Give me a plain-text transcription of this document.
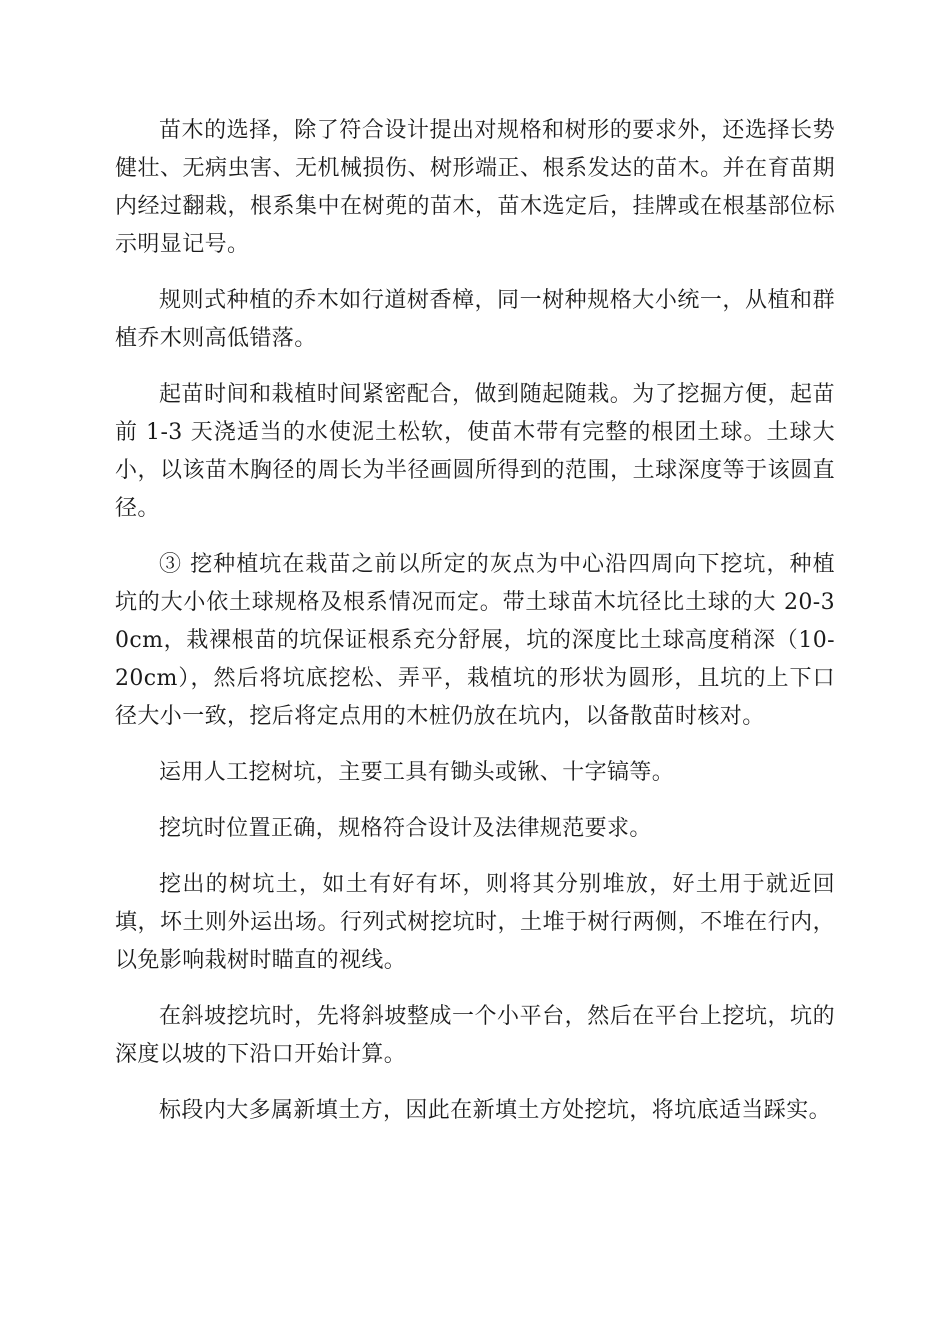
苗木的选择，除了符合设计提出对规格和树形的要求外，还选择长势健壮、无病虫害、无机械损伤、树形端正、根系发达的苗木。并在育苗期内经过翻栽，根系集中在树蔸的苗木，苗木选定后，挂牌或在根基部位标示明显记号。

规则式种植的乔木如行道树香樟，同一树种规格大小统一，从植和群植乔木则高低错落。

起苗时间和栽植时间紧密配合，做到随起随栽。为了挖掘方便，起苗前 1-3 天浇适当的水使泥土松软，使苗木带有完整的根团土球。土球大小，以该苗木胸径的周长为半径画圆所得到的范围，土球深度等于该圆直径。

③ 挖种植坑在栽苗之前以所定的灰点为中心沿四周向下挖坑，种植坑的大小依土球规格及根系情况而定。带土球苗木坑径比土球的大 20-30cm，栽裸根苗的坑保证根系充分舒展，坑的深度比土球高度稍深（10-20cm），然后将坑底挖松、弄平，栽植坑的形状为圆形，且坑的上下口径大小一致，挖后将定点用的木桩仍放在坑内，以备散苗时核对。

运用人工挖树坑，主要工具有锄头或锹、十字镐等。

挖坑时位置正确，规格符合设计及法律规范要求。

挖出的树坑土，如土有好有坏，则将其分别堆放，好土用于就近回填，坏土则外运出场。行列式树挖坑时，土堆于树行两侧，不堆在行内，以免影响栽树时瞄直的视线。

在斜坡挖坑时，先将斜坡整成一个小平台，然后在平台上挖坑，坑的深度以坡的下沿口开始计算。

标段内大多属新填土方，因此在新填土方处挖坑，将坑底适当踩实。
